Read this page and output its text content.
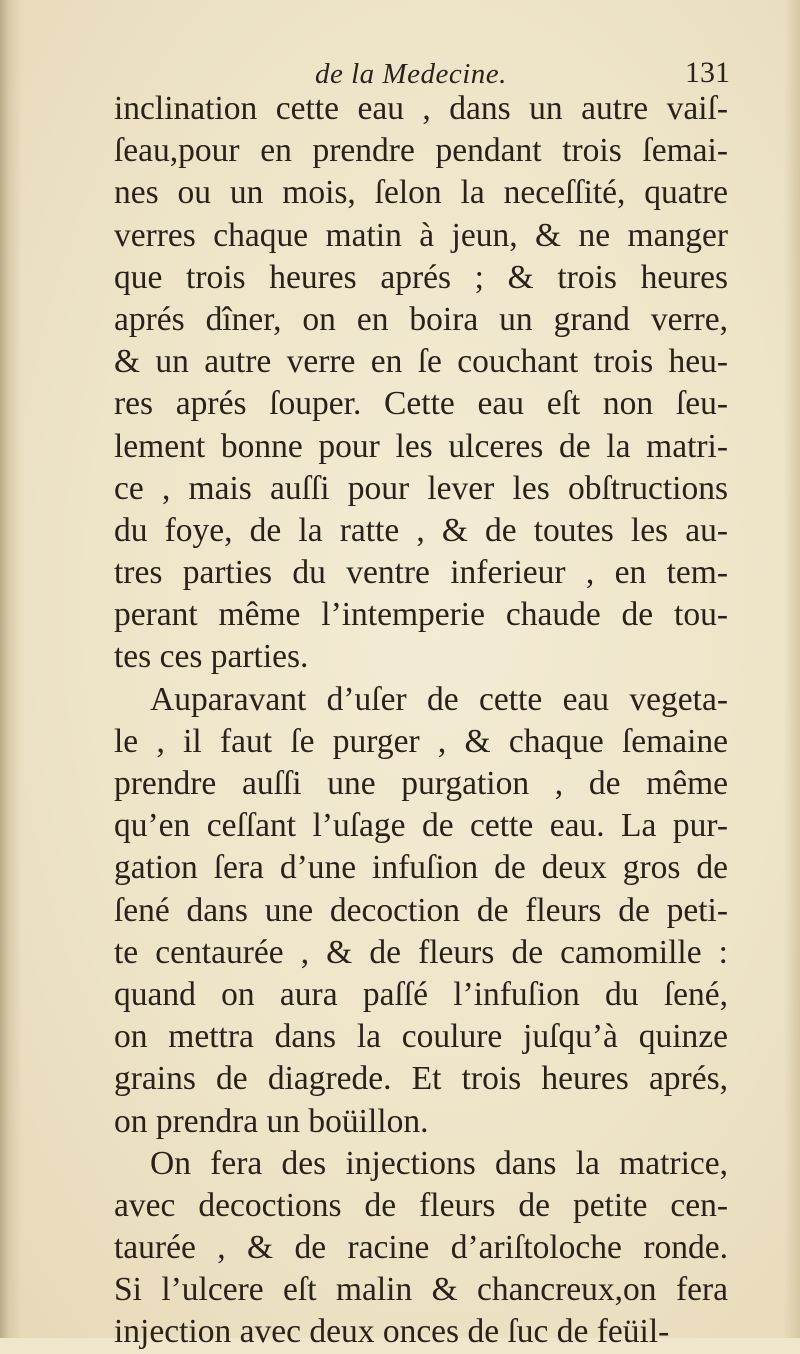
de la Medecine.	131
inclination cette eau , dans un autre vaiſ-
ſeau,pour en prendre pendant trois ſemai-
nes ou un mois, ſelon la neceſſité, quatre
verres chaque matin à jeun, & ne manger
que trois heures aprés ; & trois heures
aprés dîner, on en boira un grand verre,
& un autre verre en ſe couchant trois heu-
res aprés ſouper. Cette eau eſt non ſeu-
lement bonne pour les ulceres de la matri-
ce , mais auſſi pour lever les obſtructions
du foye, de la ratte , & de toutes les au-
tres parties du ventre inferieur , en tem-
perant même l’intemperie chaude de tou-
tes ces parties.
Auparavant d’uſer de cette eau vegeta-
le , il faut ſe purger , & chaque ſemaine
prendre auſſi une purgation , de même
qu’en ceſſant l’uſage de cette eau. La pur-
gation ſera d’une infuſion de deux gros de
ſené dans une decoction de fleurs de peti-
te centaurée , & de fleurs de camomille :
quand on aura paſſé l’infuſion du ſené,
on mettra dans la coulure juſqu’à quinze
grains de diagrede. Et trois heures aprés,
on prendra un boüillon.
On fera des injections dans la matrice,
avec decoctions de fleurs de petite cen-
taurée , & de racine d’ariſtoloche ronde.
Si l’ulcere eſt malin & chancreux,on fera
injection avec deux onces de ſuc de feüil-
